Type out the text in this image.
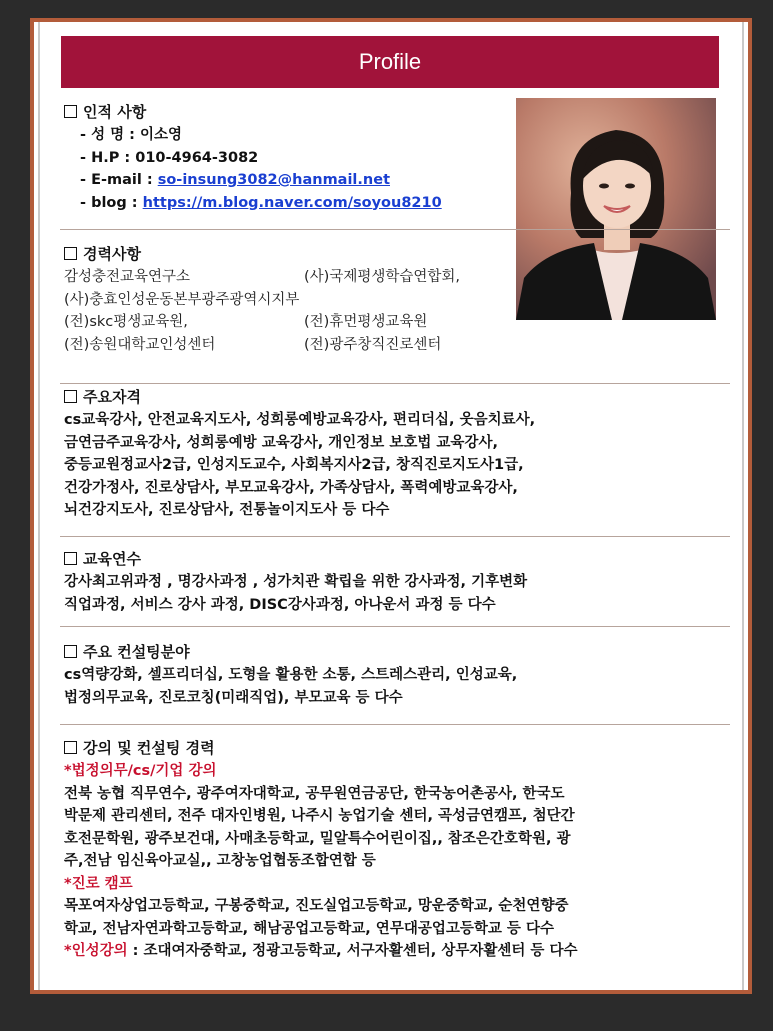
Profile
인적 사항
- 성 명 : 이소영
- H.P : 010-4964-3082
- E-mail : so-insung3082@hanmail.net
- blog : https://m.blog.naver.com/soyou8210
경력사항
감성충전교육연구소	(사)국제평생학습연합회,
(사)충효인성운동본부광주광역시지부
(전)skc평생교육원,	(전)휴먼평생교육원
(전)송원대학교인성센터	(전)광주창직진로센터
주요자격
cs교육강사, 안전교육지도사, 성희롱예방교육강사, 편리더십, 웃음치료사,
금연금주교육강사, 성희롱예방 교육강사, 개인정보 보호법 교육강사,
중등교원정교사2급, 인성지도교수, 사회복지사2급, 창직진로지도사1급,
건강가정사, 진로상담사, 부모교육강사, 가족상담사, 폭력예방교육강사,
뇌건강지도사, 진로상담사, 전통놀이지도사 등 다수
교육연수
강사최고위과정 , 명강사과정 , 성가치관 확립을 위한 강사과정, 기후변화
직업과정, 서비스 강사 과정, DISC강사과정, 아나운서 과정 등 다수
주요 컨설팅분야
cs역량강화, 셀프리더십, 도형을 활용한 소통, 스트레스관리, 인성교육,
법정의무교육, 진로코칭(미래직업), 부모교육 등 다수
강의 및 컨설팅 경력
*법정의무/cs/기업 강의
전북 농협 직무연수, 광주여자대학교, 공무원연금공단, 한국농어촌공사, 한국도
박문제 관리센터, 전주 대자인병원, 나주시 농업기술 센터, 곡성금연캠프, 첨단간
호전문학원, 광주보건대, 사매초등학교, 밀알특수어린이집,, 참조은간호학원, 광
주,전남 임신육아교실,, 고창농업협동조합연합 등
*진로 캠프
목포여자상업고등학교, 구봉중학교, 진도실업고등학교, 망운중학교, 순천연향중
학교, 전남자연과학고등학교, 해남공업고등학교, 연무대공업고등학교 등 다수
*인성강의 : 조대여자중학교, 정광고등학교, 서구자활센터, 상무자활센터 등 다수
